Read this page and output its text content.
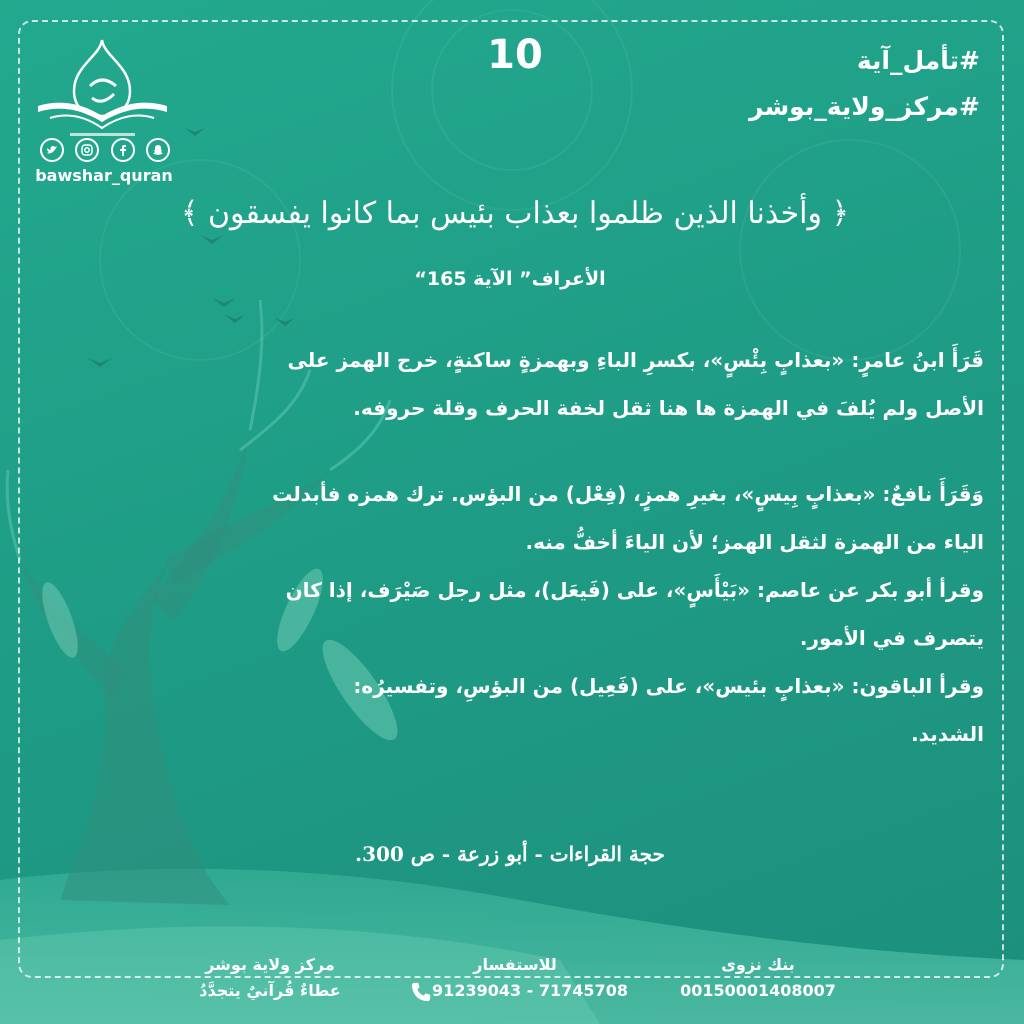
#تأمل_آية
#مركز_ولاية_بوشر
10
bawshar_quran
﴿ وأخذنا الذين ظلموا بعذاب بئيس بما كانوا يفسقون ﴾
الأعراف” الآية 165“
قَرَأَ ابنُ عامرٍ: «بعذابٍ بِئْسٍ»، بكسرِ الباءِ وبهمزةٍ ساكنةٍ، خرج الهمز على
الأصل ولم يُلفَ في الهمزة ها هنا ثقل لخفة الحرف وقلة حروفه.
وَقَرَأَ نافعٌ: «بعذابٍ بِيسٍ»، بغيرِ همزٍ، (فِعْل) من البؤس. ترك همزه فأبدلت
الياء من الهمزة لثقل الهمز؛ لأن الياءَ أخفُّ منه.
وقرأ أبو بكر عن عاصم: «بَيْأَسٍ»، على (فَيعَل)، مثل رجل صَيْرَف، إذا كان
يتصرف في الأمور.
وقرأ الباقون: «بعذابٍ بئيس»، على (فَعِيل) من البؤسِ، وتفسيرُه:
الشديد.
حجة القراءات - أبو زرعة - ص 300.
مركز ولاية بوشر
عطاءٌ قُرآنيٌ يتجدَّدُ
للاستفسار
91239043 - 71745708
بنك نزوى
00150001408007
